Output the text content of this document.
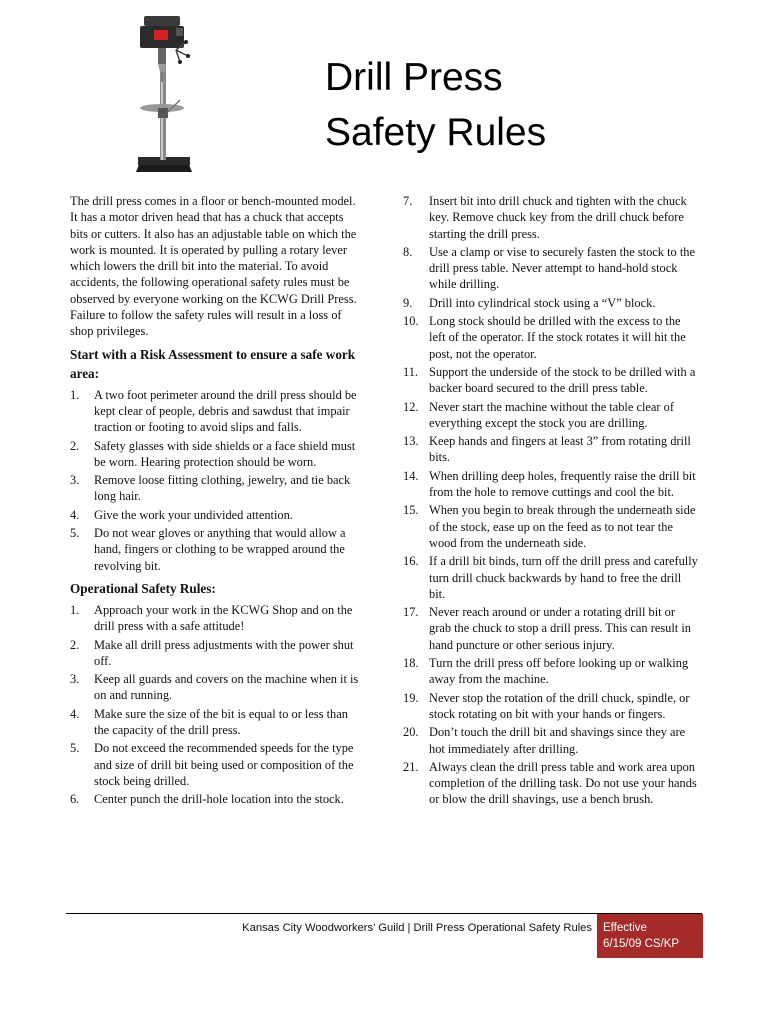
Drill Press
Safety Rules

The drill press comes in a floor or bench-mounted model. It has a motor driven head that has a chuck that accepts bits or cutters. It also has an adjustable table on which the work is mounted. It is operated by pulling a rotary lever which lowers the drill bit into the material. To avoid accidents, the following operational safety rules must be observed by everyone working on the KCWG Drill Press. Failure to follow the safety rules will result in a loss of shop privileges.

Start with a Risk Assessment to ensure a safe work area:
1. A two foot perimeter around the drill press should be kept clear of people, debris and sawdust that impair traction or footing to avoid slips and falls.
2. Safety glasses with side shields or a face shield must be worn. Hearing protection should be worn.
3. Remove loose fitting clothing, jewelry, and tie back long hair.
4. Give the work your undivided attention.
5. Do not wear gloves or anything that would allow a hand, fingers or clothing to be wrapped around the revolving bit.
Operational Safety Rules:
1. Approach your work in the KCWG Shop and on the drill press with a safe attitude!
2. Make all drill press adjustments with the power shut off.
3. Keep all guards and covers on the machine when it is on and running.
4. Make sure the size of the bit is equal to or less than the capacity of the drill press.
5. Do not exceed the recommended speeds for the type and size of drill bit being used or composition of the stock being drilled.
6. Center punch the drill-hole location into the stock.
7. Insert bit into drill chuck and tighten with the chuck key. Remove chuck key from the drill chuck before starting the drill press.
8. Use a clamp or vise to securely fasten the stock to the drill press table. Never attempt to hand-hold stock while drilling.
9. Drill into cylindrical stock using a “V” block.
10. Long stock should be drilled with the excess to the left of the operator. If the stock rotates it will hit the post, not the operator.
11. Support the underside of the stock to be drilled with a backer board secured to the drill press table.
12. Never start the machine without the table clear of everything except the stock you are drilling.
13. Keep hands and fingers at least 3” from rotating drill bits.
14. When drilling deep holes, frequently raise the drill bit from the hole to remove cuttings and cool the bit.
15. When you begin to break through the underneath side of the stock, ease up on the feed as to not tear the wood from the underneath side.
16. If a drill bit binds, turn off the drill press and carefully turn drill chuck backwards by hand to free the drill bit.
17. Never reach around or under a rotating drill bit or grab the chuck to stop a drill press. This can result in hand puncture or other serious injury.
18. Turn the drill press off before looking up or walking away from the machine.
19. Never stop the rotation of the drill chuck, spindle, or stock rotating on bit with your hands or fingers.
20. Don’t touch the drill bit and shavings since they are hot immediately after drilling.
21. Always clean the drill press table and work area upon completion of the drilling task. Do not use your hands or blow the drill shavings, use a bench brush.
Kansas City Woodworkers’ Guild | Drill Press Operational Safety Rules Effective
6/15/09 CS/KP
